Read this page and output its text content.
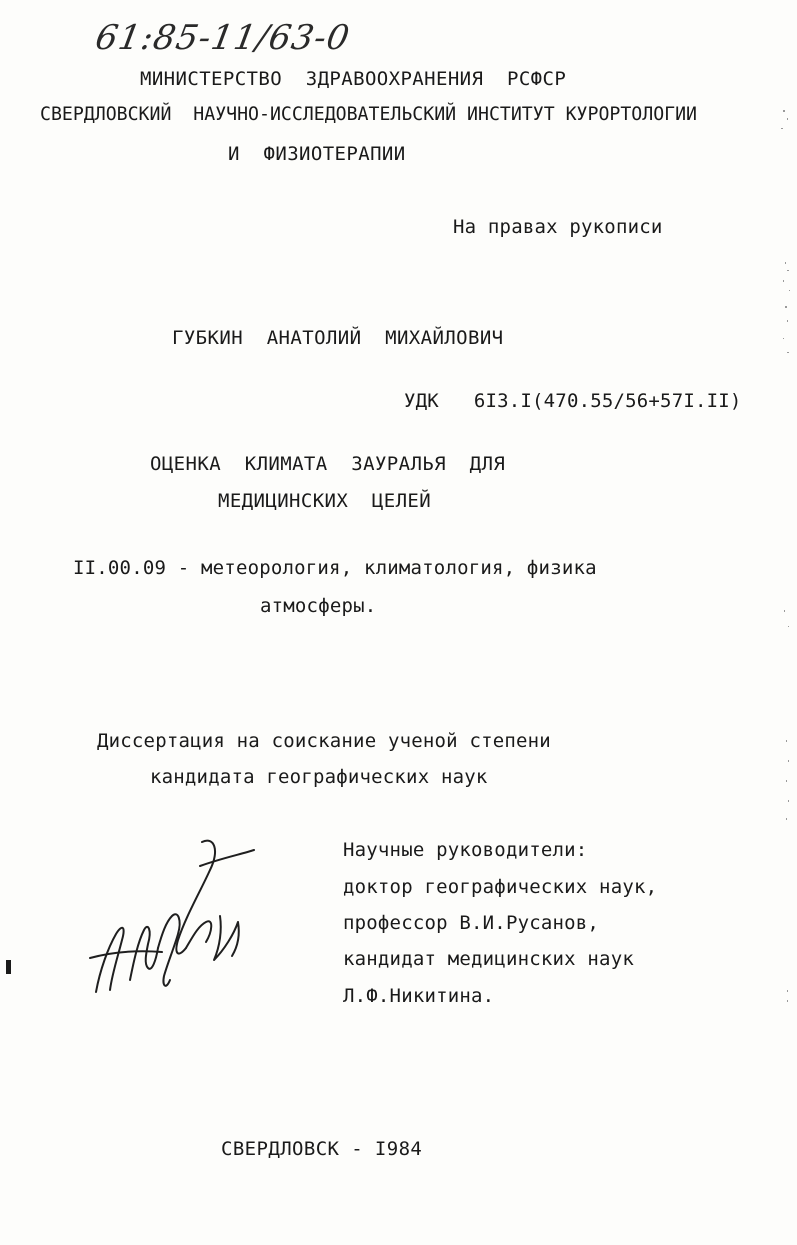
61:85-11/63-0
МИНИСТЕРСТВО  ЗДРАВООХРАНЕНИЯ  РСФСР
СВЕРДЛОВСКИЙ  НАУЧНО-ИССЛЕДОВАТЕЛЬСКИЙ ИНСТИТУТ КУРОРТОЛОГИИ
И  ФИЗИОТЕРАПИИ
На правах рукописи
ГУБКИН  АНАТОЛИЙ  МИХАЙЛОВИЧ
УДК   6I3.I(470.55/56+57I.II)
ОЦЕНКА  КЛИМАТА  ЗАУРАЛЬЯ  ДЛЯ
МЕДИЦИНСКИХ  ЦЕЛЕЙ
II.00.09 - метеорология, климатология, физика
атмосферы.
Диссертация на соискание ученой степени
кандидата географических наук
Научные руководители:
доктор географических наук,
профессор В.И.Русанов,
кандидат медицинских наук
Л.Ф.Никитина.
СВЕРДЛОВСК - I984
